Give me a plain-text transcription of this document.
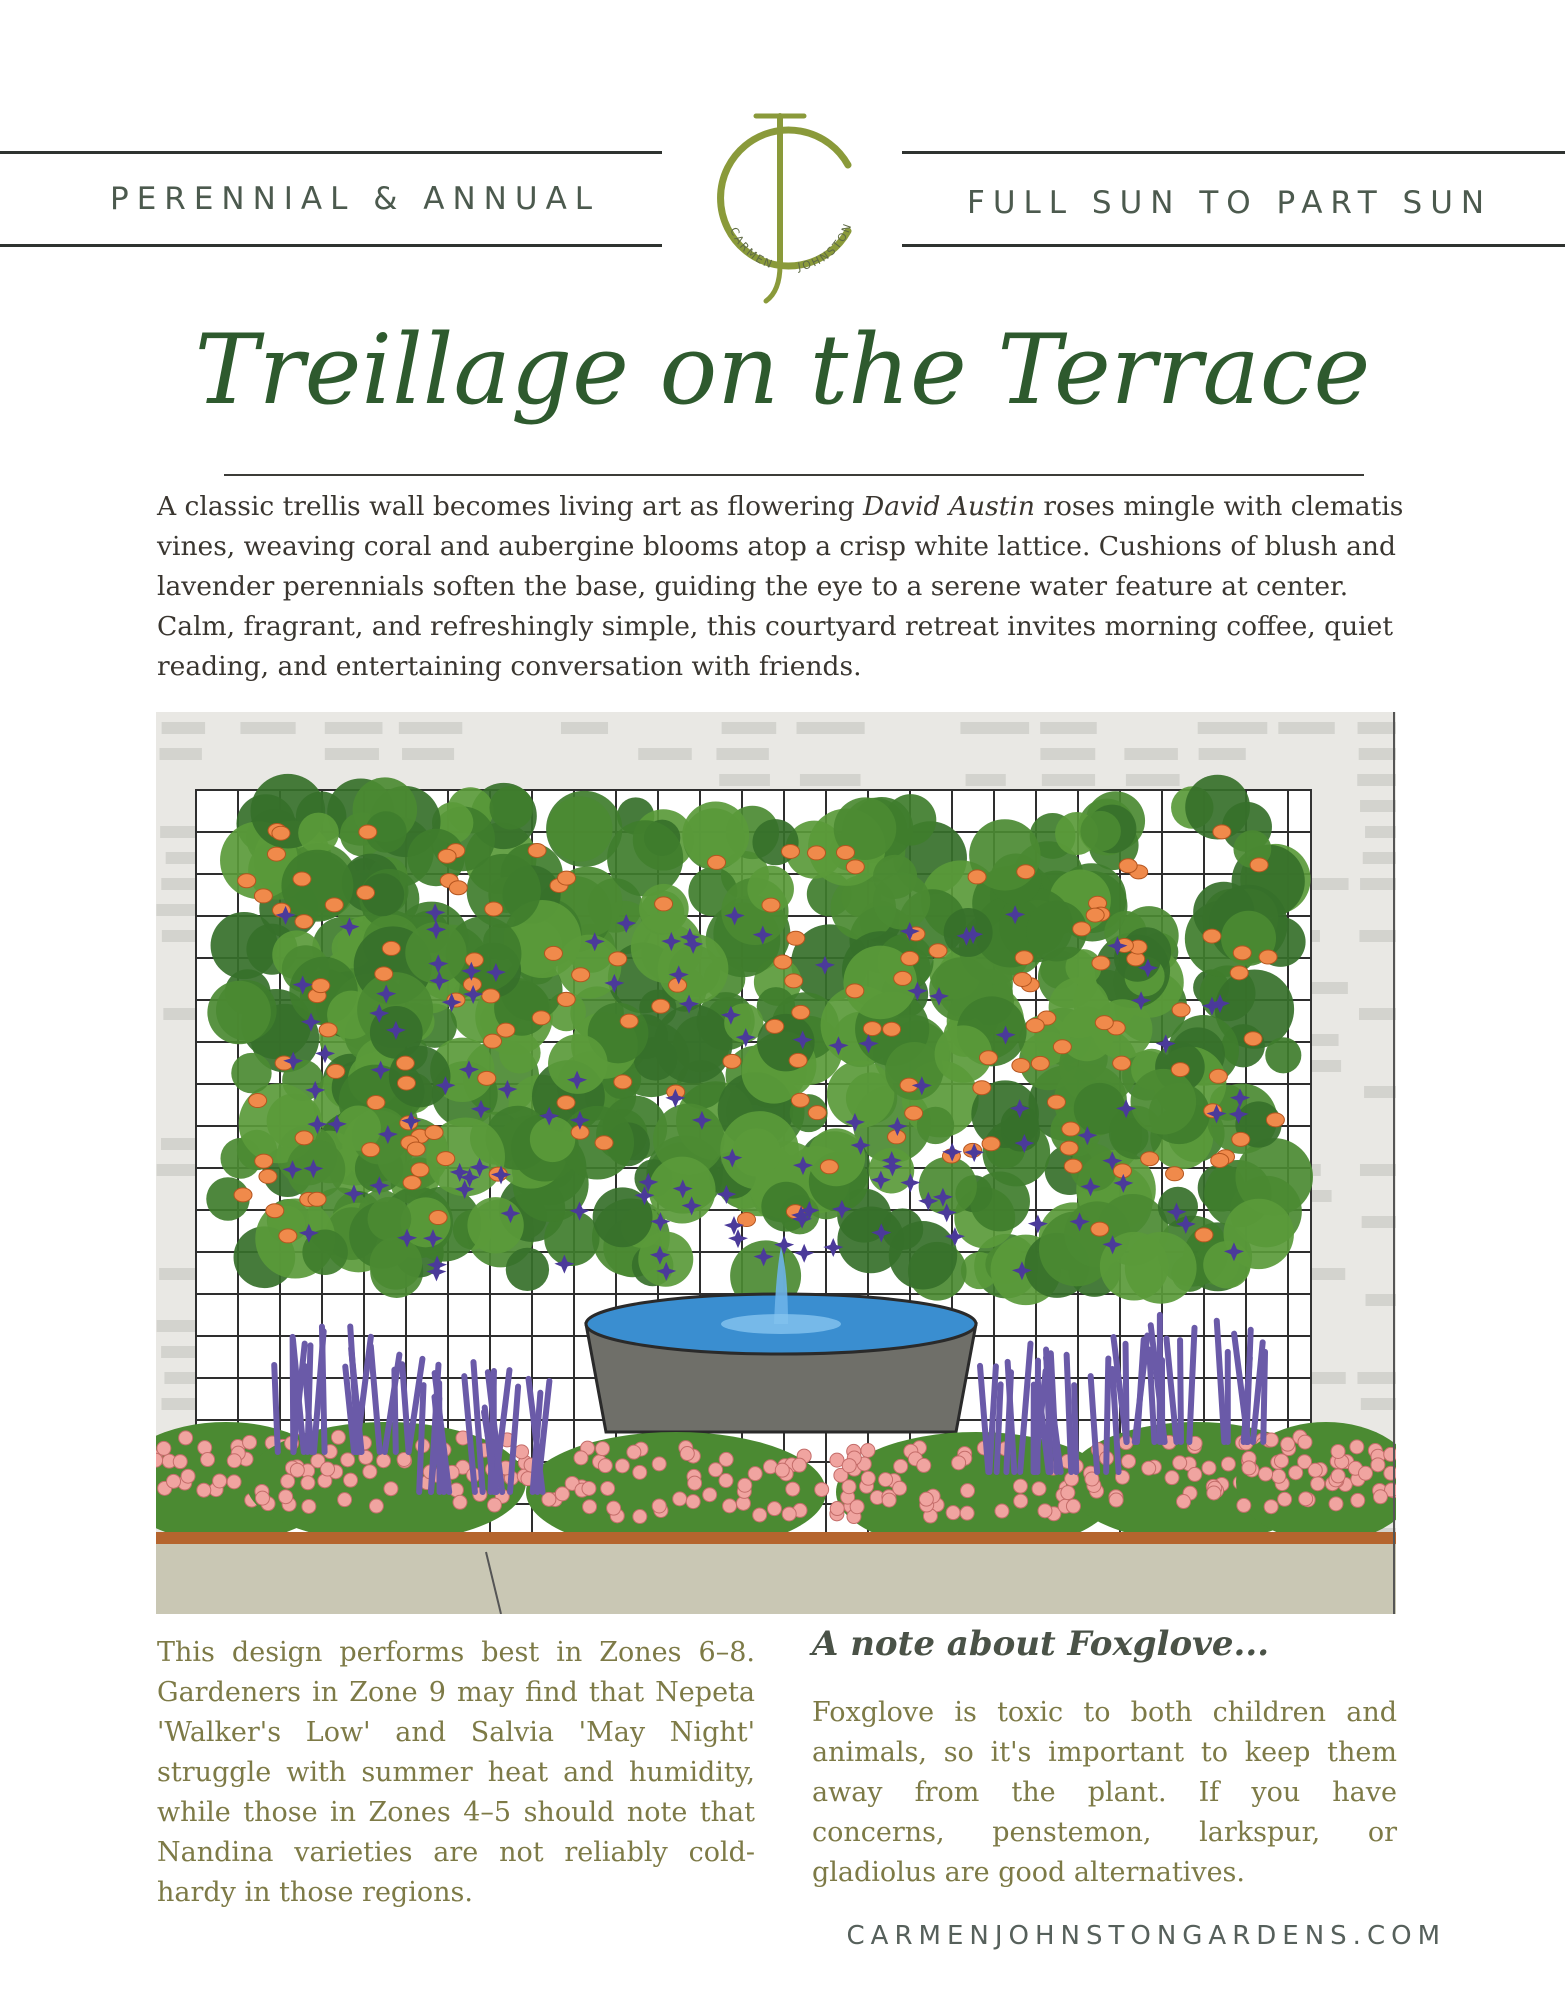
PERENNIAL & ANNUAL	FULL SUN TO PART SUN
CARMEN JOHNSTON
Treillage on the Terrace

A classic trellis wall becomes living art as flowering David Austin roses mingle with clematis vines, weaving coral and aubergine blooms atop a crisp white lattice. Cushions of blush and lavender perennials soften the base, guiding the eye to a serene water feature at center. Calm, fragrant, and refreshingly simple, this courtyard retreat invites morning coffee, quiet reading, and entertaining conversation with friends.

This design performs best in Zones 6–8. Gardeners in Zone 9 may find that Nepeta 'Walker's Low' and Salvia 'May Night' struggle with summer heat and humidity, while those in Zones 4–5 should note that Nandina varieties are not reliably cold-hardy in those regions.

A note about Foxglove...

Foxglove is toxic to both children and animals, so it's important to keep them away from the plant. If you have concerns, penstemon, larkspur, or gladiolus are good alternatives.

CARMENJOHNSTONGARDENS.COM
